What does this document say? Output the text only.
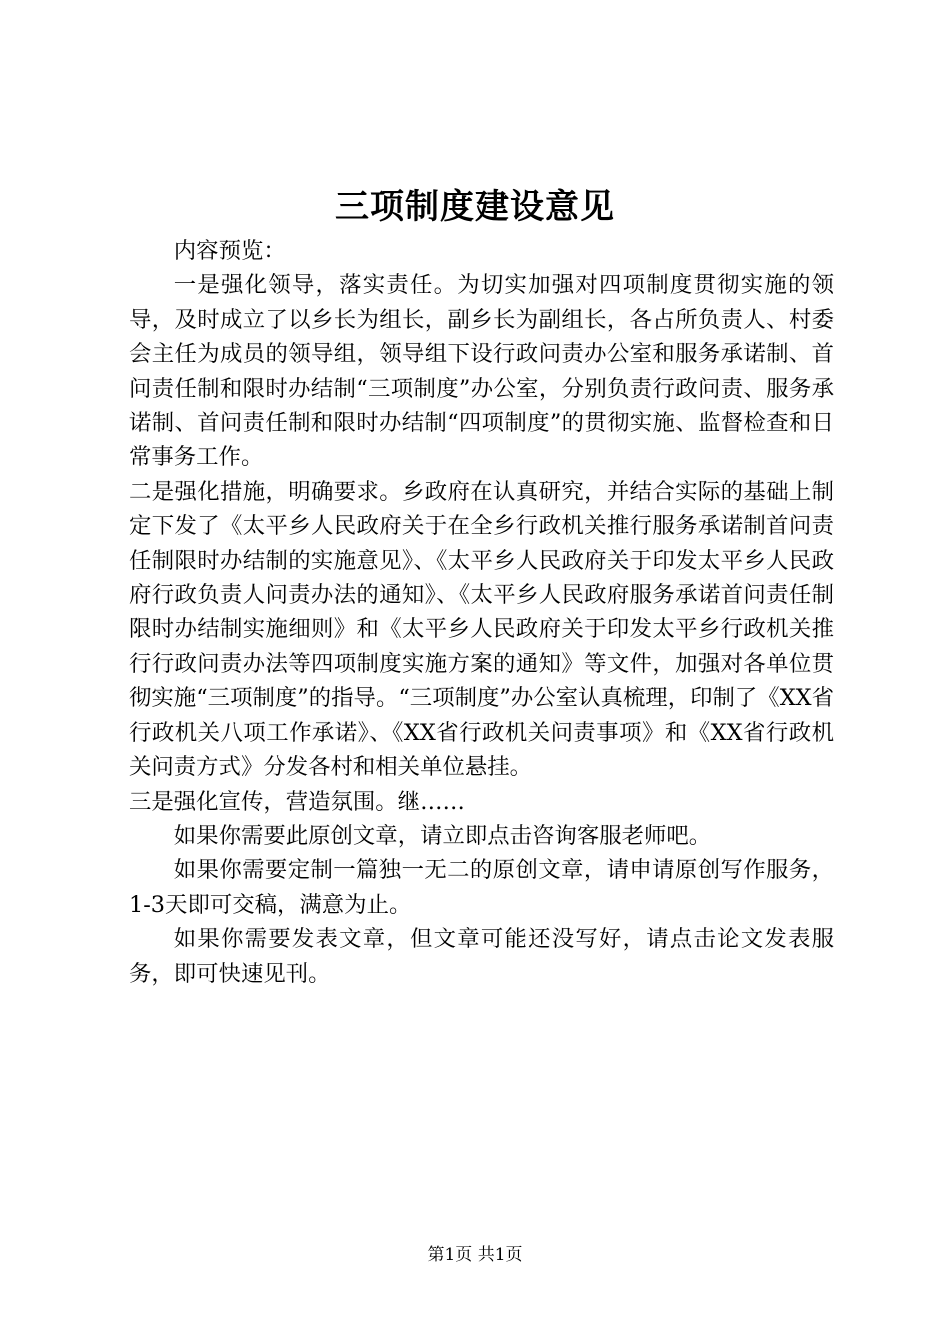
三项制度建设意见

内容预览：

一是强化领导，落实责任。为切实加强对四项制度贯彻实施的领导，及时成立了以乡长为组长，副乡长为副组长，各占所负责人、村委会主任为成员的领导组，领导组下设行政问责办公室和服务承诺制、首问责任制和限时办结制“三项制度”办公室，分别负责行政问责、服务承诺制、首问责任制和限时办结制“四项制度”的贯彻实施、监督检查和日常事务工作。

二是强化措施，明确要求。乡政府在认真研究，并结合实际的基础上制定下发了《太平乡人民政府关于在全乡行政机关推行服务承诺制首问责任制限时办结制的实施意见》、《太平乡人民政府关于印发太平乡人民政府行政负责人问责办法的通知》、《太平乡人民政府服务承诺首问责任制限时办结制实施细则》和《太平乡人民政府关于印发太平乡行政机关推行行政问责办法等四项制度实施方案的通知》等文件，加强对各单位贯彻实施“三项制度”的指导。“三项制度”办公室认真梳理，印制了《XX省行政机关八项工作承诺》、《XX省行政机关问责事项》和《XX省行政机关问责方式》分发各村和相关单位悬挂。

三是强化宣传，营造氛围。继……

如果你需要此原创文章，请立即点击咨询客服老师吧。

如果你需要定制一篇独一无二的原创文章，请申请原创写作服务，1-3天即可交稿，满意为止。

如果你需要发表文章，但文章可能还没写好，请点击论文发表服务，即可快速见刊。

第1页 共1页
